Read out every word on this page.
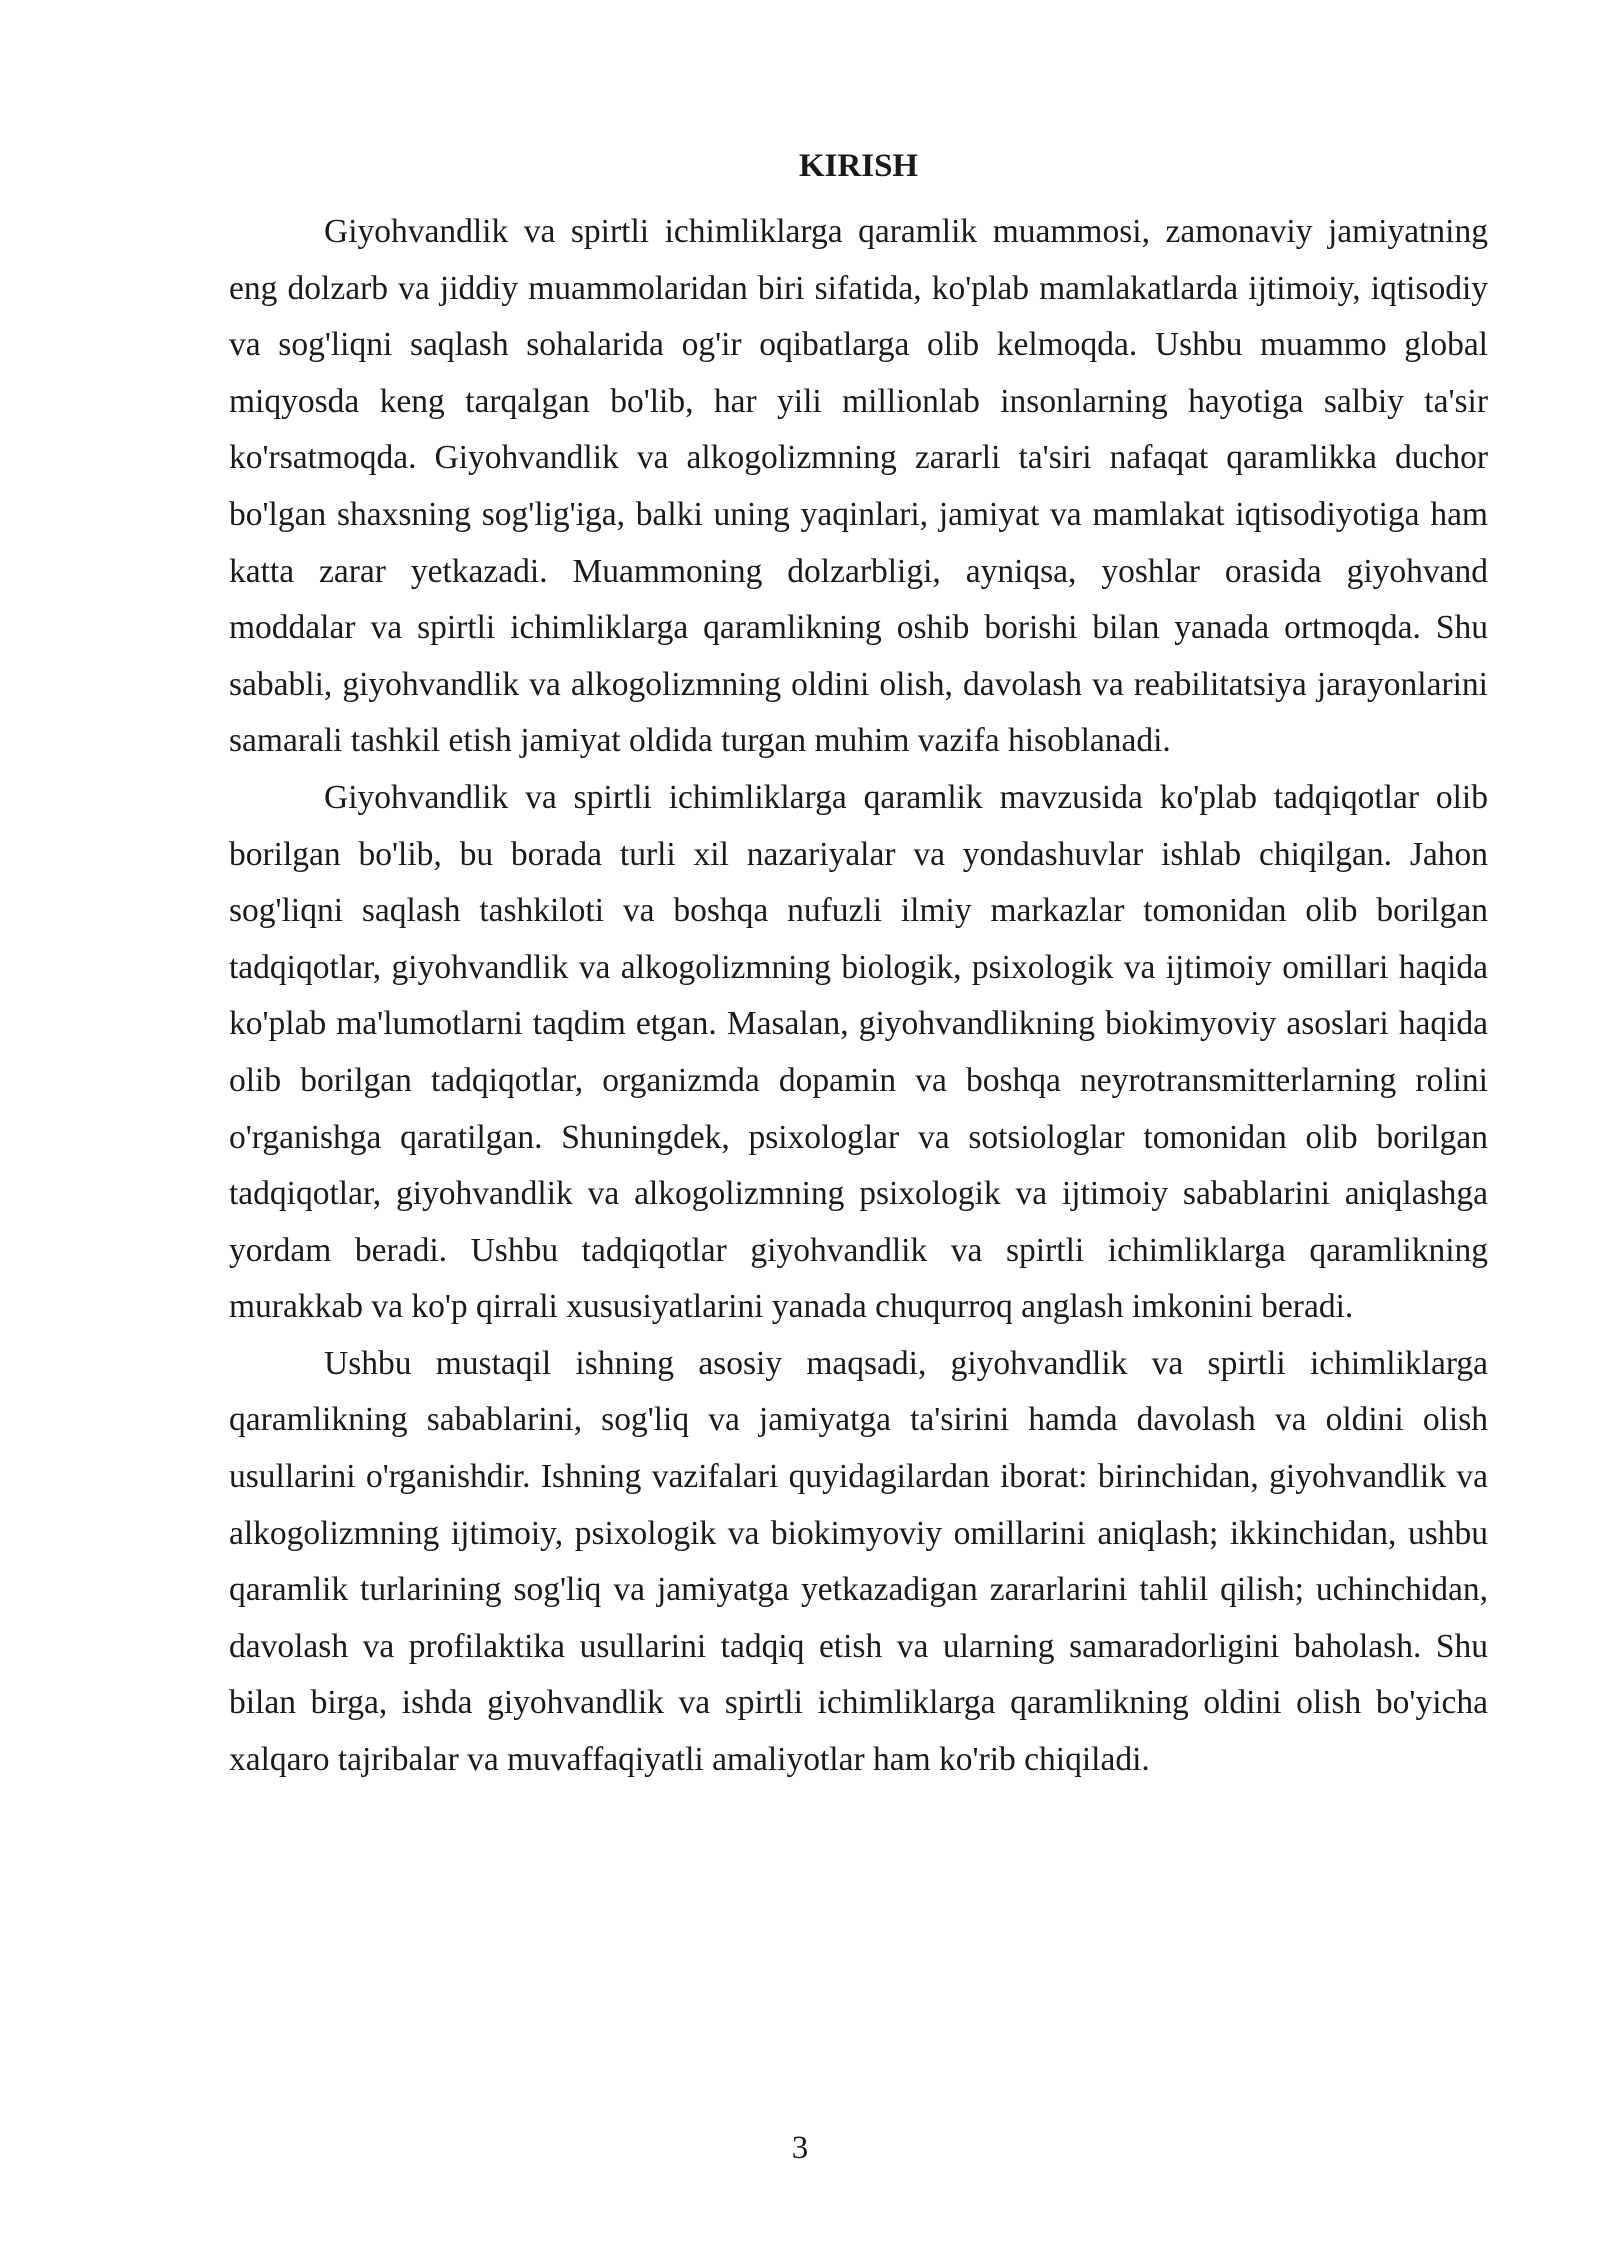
KIRISH

Giyohvandlik va spirtli ichimliklarga qaramlik muammosi, zamonaviy jamiyatning eng dolzarb va jiddiy muammolaridan biri sifatida, ko'plab mamlakatlarda ijtimoiy, iqtisodiy va sog'liqni saqlash sohalarida og'ir oqibatlarga olib kelmoqda. Ushbu muammo global miqyosda keng tarqalgan bo'lib, har yili millionlab insonlarning hayotiga salbiy ta'sir ko'rsatmoqda. Giyohvandlik va alkogolizmning zararli ta'siri nafaqat qaramlikka duchor bo'lgan shaxsning sog'lig'iga, balki uning yaqinlari, jamiyat va mamlakat iqtisodiyotiga ham katta zarar yetkazadi. Muammoning dolzarbligi, ayniqsa, yoshlar orasida giyohvand moddalar va spirtli ichimliklarga qaramlikning oshib borishi bilan yanada ortmoqda. Shu sababli, giyohvandlik va alkogolizmning oldini olish, davolash va reabilitatsiya jarayonlarini samarali tashkil etish jamiyat oldida turgan muhim vazifa hisoblanadi.

Giyohvandlik va spirtli ichimliklarga qaramlik mavzusida ko'plab tadqiqotlar olib borilgan bo'lib, bu borada turli xil nazariyalar va yondashuvlar ishlab chiqilgan. Jahon sog'liqni saqlash tashkiloti va boshqa nufuzli ilmiy markazlar tomonidan olib borilgan tadqiqotlar, giyohvandlik va alkogolizmning biologik, psixologik va ijtimoiy omillari haqida ko'plab ma'lumotlarni taqdim etgan. Masalan, giyohvandlikning biokimyoviy asoslari haqida olib borilgan tadqiqotlar, organizmda dopamin va boshqa neyrotransmitterlarning rolini o'rganishga qaratilgan. Shuningdek, psixologlar va sotsiologlar tomonidan olib borilgan tadqiqotlar, giyohvandlik va alkogolizmning psixologik va ijtimoiy sabablarini aniqlashga yordam beradi. Ushbu tadqiqotlar giyohvandlik va spirtli ichimliklarga qaramlikning murakkab va ko'p qirrali xususiyatlarini yanada chuqurroq anglash imkonini beradi.

Ushbu mustaqil ishning asosiy maqsadi, giyohvandlik va spirtli ichimliklarga qaramlikning sabablarini, sog'liq va jamiyatga ta'sirini hamda davolash va oldini olish usullarini o'rganishdir. Ishning vazifalari quyidagilardan iborat: birinchidan, giyohvandlik va alkogolizmning ijtimoiy, psixologik va biokimyoviy omillarini aniqlash; ikkinchidan, ushbu qaramlik turlarining sog'liq va jamiyatga yetkazadigan zararlarini tahlil qilish; uchinchidan, davolash va profilaktika usullarini tadqiq etish va ularning samaradorligini baholash. Shu bilan birga, ishda giyohvandlik va spirtli ichimliklarga qaramlikning oldini olish bo'yicha xalqaro tajribalar va muvaffaqiyatli amaliyotlar ham ko'rib chiqiladi.

3
